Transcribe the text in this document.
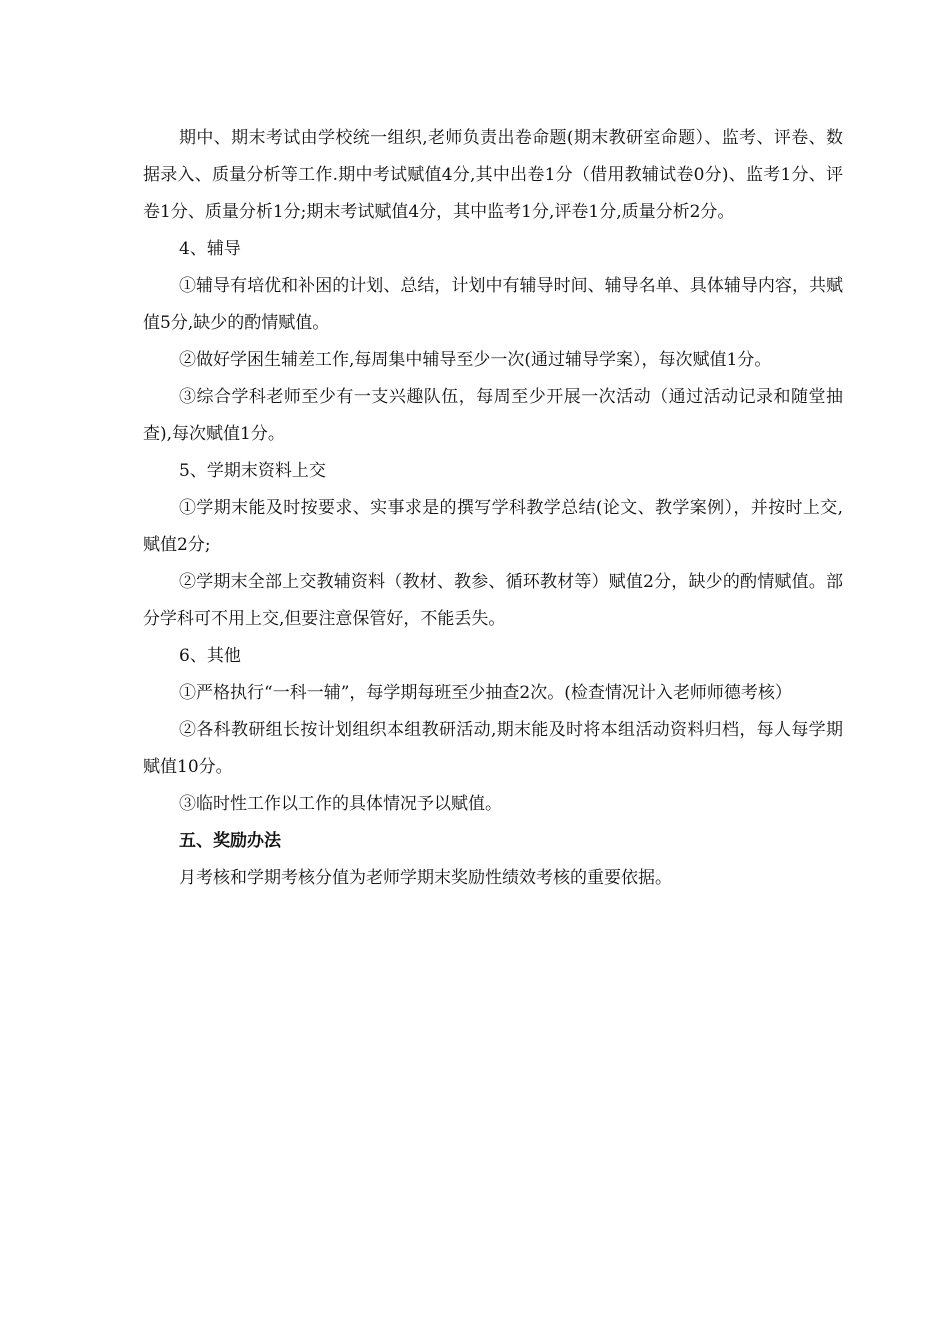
期中、期末考试由学校统一组织,老师负责出卷命题(期末教研室命题）、监考、评卷、数据录入、质量分析等工作.期中考试赋值4分,其中出卷1分（借用教辅试卷0分)、监考1分、评卷1分、质量分析1分;期末考试赋值4分，其中监考1分,评卷1分,质量分析2分。

4、辅导

①辅导有培优和补困的计划、总结，计划中有辅导时间、辅导名单、具体辅导内容，共赋值5分,缺少的酌情赋值。

②做好学困生辅差工作,每周集中辅导至少一次(通过辅导学案），每次赋值1分。

③综合学科老师至少有一支兴趣队伍，每周至少开展一次活动（通过活动记录和随堂抽查),每次赋值1分。

5、学期末资料上交

①学期末能及时按要求、实事求是的撰写学科教学总结(论文、教学案例），并按时上交,赋值2分;

②学期末全部上交教辅资料（教材、教参、循环教材等）赋值2分，缺少的酌情赋值。部分学科可不用上交,但要注意保管好，不能丢失。

6、其他

①严格执行“一科一辅”，每学期每班至少抽查2次。(检查情况计入老师师德考核）

②各科教研组长按计划组织本组教研活动,期末能及时将本组活动资料归档，每人每学期赋值10分。

③临时性工作以工作的具体情况予以赋值。

五、奖励办法

月考核和学期考核分值为老师学期末奖励性绩效考核的重要依据。
